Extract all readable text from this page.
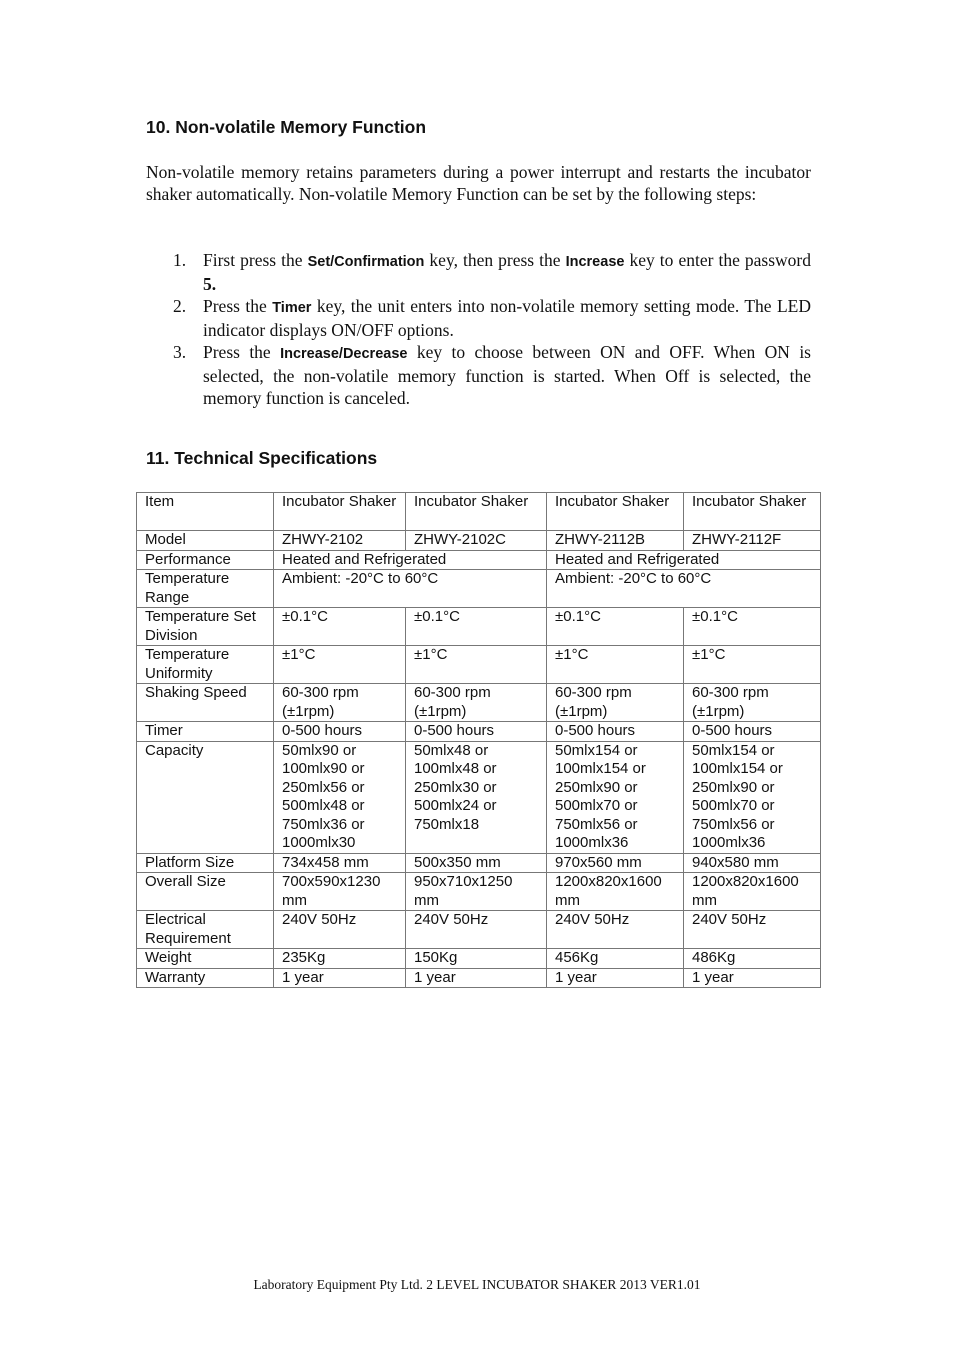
10. Non-volatile Memory Function
Non-volatile memory retains parameters during a power interrupt and restarts the incubator shaker automatically. Non-volatile Memory Function can be set by the following steps:
1. First press the Set/Confirmation key, then press the Increase key to enter the password 5.
2. Press the Timer key, the unit enters into non-volatile memory setting mode. The LED indicator displays ON/OFF options.
3. Press the Increase/Decrease key to choose between ON and OFF. When ON is selected, the non-volatile memory function is started. When Off is selected, the memory function is canceled.
11. Technical Specifications
Item	Incubator Shaker	Incubator Shaker	Incubator Shaker	Incubator Shaker
Model	ZHWY-2102	ZHWY-2102C	ZHWY-2112B	ZHWY-2112F
Performance	Heated and Refrigerated		Heated and Refrigerated	
Temperature Range	Ambient: -20°C to 60°C		Ambient: -20°C to 60°C	
Temperature Set Division	±0.1°C	±0.1°C	±0.1°C	±0.1°C
Temperature Uniformity	±1°C	±1°C	±1°C	±1°C
Shaking Speed	60-300 rpm (±1rpm)	60-300 rpm (±1rpm)	60-300 rpm (±1rpm)	60-300 rpm (±1rpm)
Timer	0-500 hours	0-500 hours	0-500 hours	0-500 hours
Capacity	50mlx90 or 100mlx90 or 250mlx56 or 500mlx48 or 750mlx36 or 1000mlx30	50mlx48 or 100mlx48 or 250mlx30 or 500mlx24 or 750mlx18	50mlx154 or 100mlx154 or 250mlx90 or 500mlx70 or 750mlx56 or 1000mlx36	50mlx154 or 100mlx154 or 250mlx90 or 500mlx70 or 750mlx56 or 1000mlx36
Platform Size	734x458 mm	500x350 mm	970x560 mm	940x580 mm
Overall Size	700x590x1230 mm	950x710x1250 mm	1200x820x1600 mm	1200x820x1600 mm
Electrical Requirement	240V 50Hz	240V 50Hz	240V 50Hz	240V 50Hz
Weight	235Kg	150Kg	456Kg	486Kg
Warranty	1 year	1 year	1 year	1 year
Laboratory Equipment Pty Ltd. 2 LEVEL INCUBATOR SHAKER 2013 VER1.01
